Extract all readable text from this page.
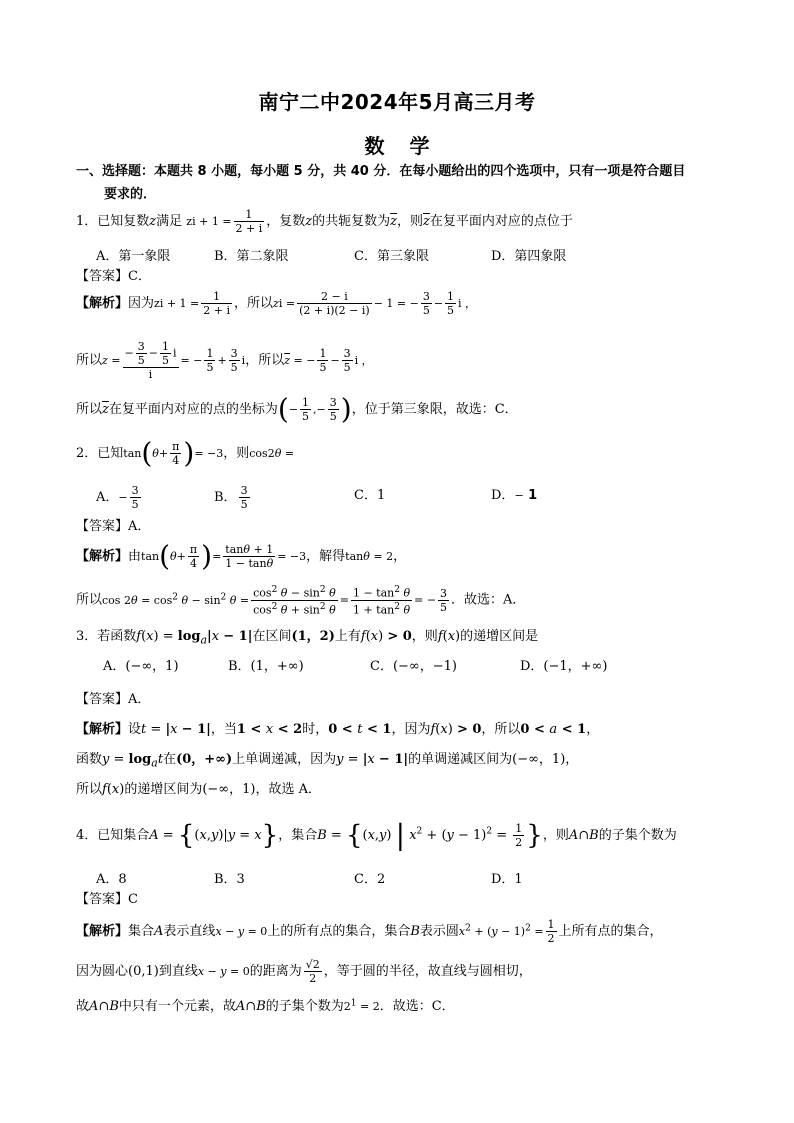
南宁二中2024年5月高三月考
数 学
一、选择题：本题共 8 小题，每小题 5 分，共 40 分．在每小题给出的四个选项中，只有一项是符合题目
要求的．
1．已知复数z满足 zi + $1 = \frac{1}{2 + i}$ ，复数z的共轭复数为$\overline{z}$，则$\overline{z}$在复平面内对应的点位于
A．第一象限	B．第二象限	C．第三象限	D．第四象限
【答案】C．
【解析】因为zi + $1 = \frac{1}{2 + i}$ ，所以zi = $\frac{2 - i}{(2 + i)(2 - i)} - 1$ = − $\frac{3}{5} - \frac{1}{5}$ i ，
所以$z = \frac{- \frac{3}{5} - \frac{1}{5} i}{i}$ = − $\frac{1}{5} + \frac{3}{5}$ i，所以$\overline{z}$ = − $\frac{1}{5} - \frac{3}{5}$ i ，
所以$\overline{z}$在复平面内对应的点的坐标为(− $\frac{1}{5}$ ,− $\frac{3}{5}$ )，位于第三象限，故选：C．
2．已知$\tan(\theta+ \frac{\pi}{4}$ )= −3，则cos2θ =
A．− $\frac{3}{5}$	B． $\frac{3}{5}$	C．1	D．− 1
【答案】A．
【解析】由$\tan(\theta+ \frac{\pi}{4}$ )= $\frac{\tan\theta + 1}{1 - \tan\theta} = -3$，解得tanθ = 2，
所以$\cos 2\theta = \cos^2 \theta - \sin^2 \theta = \frac{\cos^2 \theta - \sin^2 \theta}{\cos^2 \theta + \sin^2 \theta} = \frac{1 - \tan^2 \theta}{1 + \tan^2 \theta}$ = − $\frac{3}{5}$ ．故选：A．
3．若函数$f(x) = \log_a|x - 1|$在区间(1，2)上有f(x) > 0，则f(x)的递增区间是
A．(−∞，1)	B．(1，+∞)	C．(−∞，−1)	D．(−1，+∞)
【答案】A．
【解析】设t = |x − 1|，当1 < x < 2时，0 < t < 1，因为f(x) > 0，所以0 < a < 1，
函数$y = \log_at$在(0，+∞)上单调递减，因为y = |x − 1|的单调递减区间为(−∞，1)，
所以f(x)的递增区间为(−∞，1)，故选 A．
4．已知集合A = {(x,y)|y = x}，集合B = {(x,y) | $x^2 + (y - 1)^2 = \frac{1}{2}$ }，则A∩B的子集个数为
A．8	B．3	C．2	D．1
【答案】C
【解析】集合A表示直线x − y = 0上的所有点的集合，集合B表示圆$x^2 + (y - 1)^2 = \frac{1}{2}$ 上所有点的集合，
因为圆心(0,1)到直线x − y = 0的距离为 $\frac{√2}{2}$ ，等于圆的半径，故直线与圆相切，
故A∩B中只有一个元素，故A∩B的子集个数为$2^1 = 2$．故选：C．
